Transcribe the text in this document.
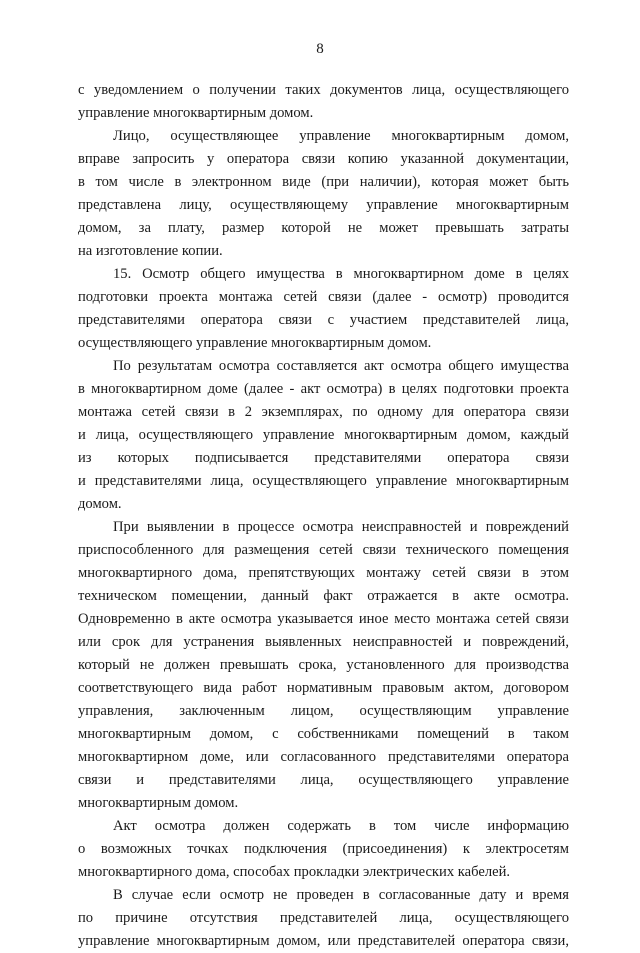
8
с уведомлением о получении таких документов лица, осуществляющего
управление многоквартирным домом.
Лицо, осуществляющее управление многоквартирным домом,
вправе запросить у оператора связи копию указанной документации,
в том числе в электронном виде (при наличии), которая может быть
представлена лицу, осуществляющему управление многоквартирным
домом, за плату, размер которой не может превышать затраты
на изготовление копии.
15. Осмотр общего имущества в многоквартирном доме в целях
подготовки проекта монтажа сетей связи (далее - осмотр) проводится
представителями оператора связи с участием представителей лица,
осуществляющего управление многоквартирным домом.
По результатам осмотра составляется акт осмотра общего имущества
в многоквартирном доме (далее - акт осмотра) в целях подготовки проекта
монтажа сетей связи в 2 экземплярах, по одному для оператора связи
и лица, осуществляющего управление многоквартирным домом, каждый
из которых подписывается представителями оператора связи
и представителями лица, осуществляющего управление многоквартирным
домом.
При выявлении в процессе осмотра неисправностей и повреждений
приспособленного для размещения сетей связи технического помещения
многоквартирного дома, препятствующих монтажу сетей связи в этом
техническом помещении, данный факт отражается в акте осмотра.
Одновременно в акте осмотра указывается иное место монтажа сетей связи
или срок для устранения выявленных неисправностей и повреждений,
который не должен превышать срока, установленного для производства
соответствующего вида работ нормативным правовым актом, договором
управления, заключенным лицом, осуществляющим управление
многоквартирным домом, с собственниками помещений в таком
многоквартирном доме, или согласованного представителями оператора
связи и представителями лица, осуществляющего управление
многоквартирным домом.
Акт осмотра должен содержать в том числе информацию
о возможных точках подключения (присоединения) к электросетям
многоквартирного дома, способах прокладки электрических кабелей.
В случае если осмотр не проведен в согласованные дату и время
по причине отсутствия представителей лица, осуществляющего
управление многоквартирным домом, или представителей оператора связи,
